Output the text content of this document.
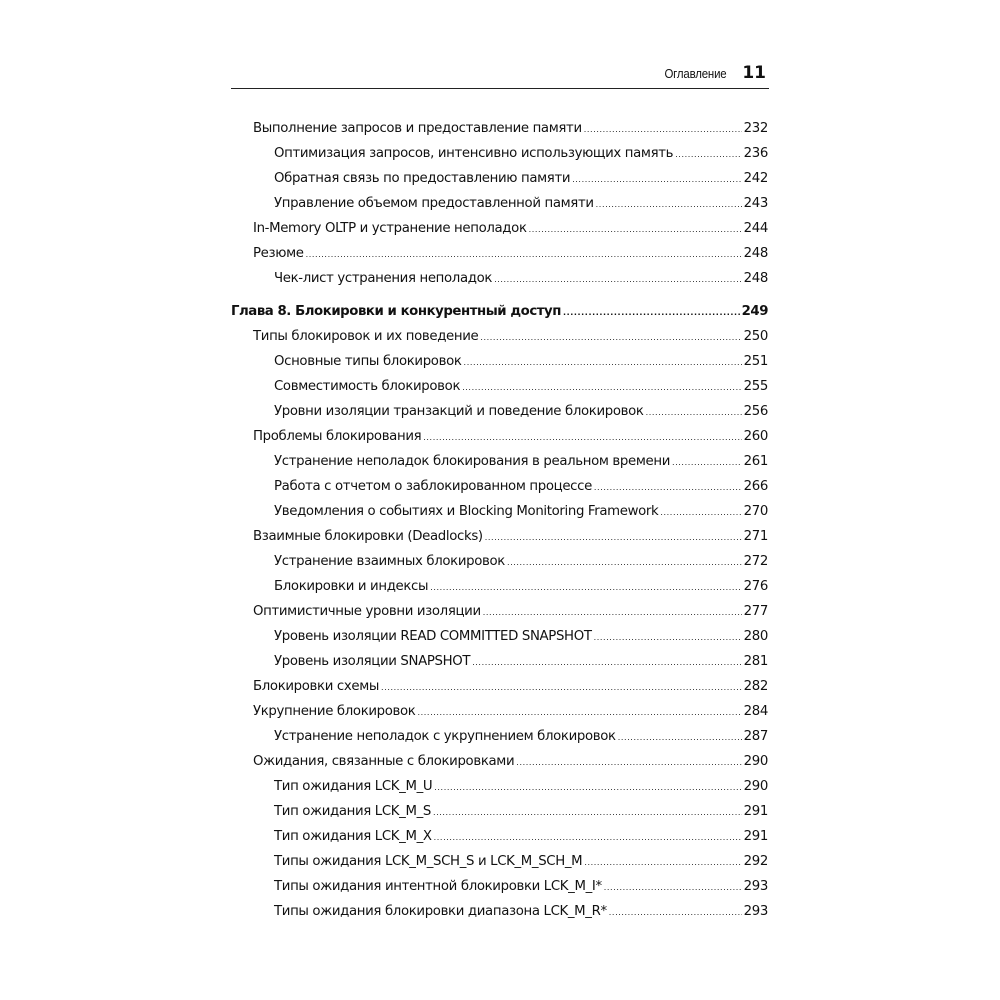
Оглавление 11
Выполнение запросов и предоставление памяти .....	232
Оптимизация запросов, интенсивно использующих память .....	236
Обратная связь по предоставлению памяти .....	242
Управление объемом предоставленной памяти .....	243
In-Memory OLTP и устранение неполадок .....	244
Резюме .....	248
Чек-лист устранения неполадок .....	248
Глава 8. Блокировки и конкурентный доступ .....	249
Типы блокировок и их поведение .....	250
Основные типы блокировок .....	251
Совместимость блокировок .....	255
Уровни изоляции транзакций и поведение блокировок .....	256
Проблемы блокирования .....	260
Устранение неполадок блокирования в реальном времени .....	261
Работа с отчетом о заблокированном процессе .....	266
Уведомления о событиях и Blocking Monitoring Framework .....	270
Взаимные блокировки (Deadlocks) .....	271
Устранение взаимных блокировок .....	272
Блокировки и индексы .....	276
Оптимистичные уровни изоляции .....	277
Уровень изоляции READ COMMITTED SNAPSHOT .....	280
Уровень изоляции SNAPSHOT .....	281
Блокировки схемы .....	282
Укрупнение блокировок .....	284
Устранение неполадок с укрупнением блокировок .....	287
Ожидания, связанные с блокировками .....	290
Тип ожидания LCK_M_U .....	290
Тип ожидания LCK_M_S .....	291
Тип ожидания LCK_M_X .....	291
Типы ожидания LCK_M_SCH_S и LCK_M_SCH_M .....	292
Типы ожидания интентной блокировки LCK_M_I* .....	293
Типы ожидания блокировки диапазона LCK_M_R* .....	293
